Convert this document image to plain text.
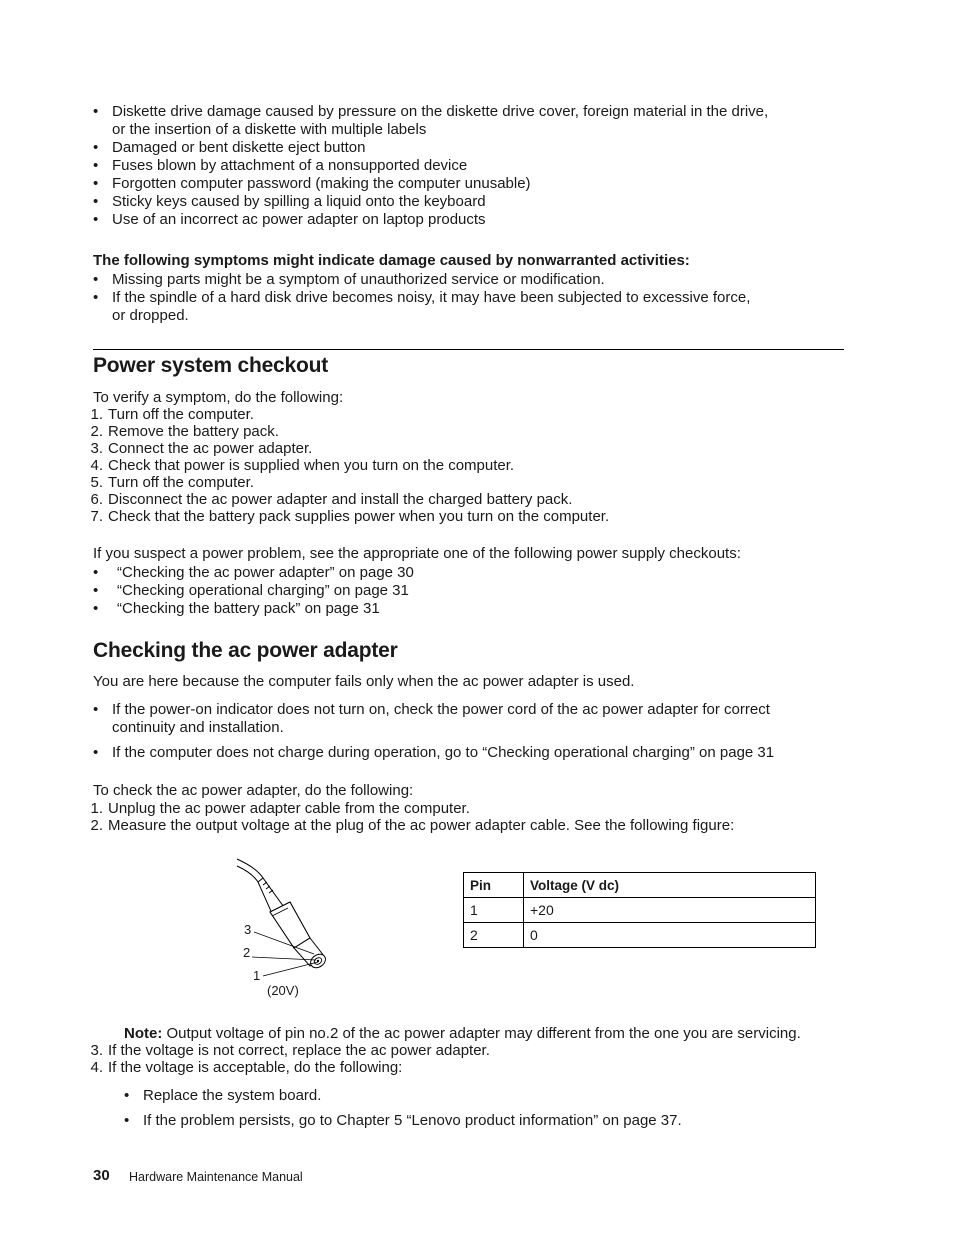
• Diskette drive damage caused by pressure on the diskette drive cover, foreign material in the drive,
or the insertion of a diskette with multiple labels
• Damaged or bent diskette eject button
• Fuses blown by attachment of a nonsupported device
• Forgotten computer password (making the computer unusable)
• Sticky keys caused by spilling a liquid onto the keyboard
• Use of an incorrect ac power adapter on laptop products
The following symptoms might indicate damage caused by nonwarranted activities:
• Missing parts might be a symptom of unauthorized service or modification.
• If the spindle of a hard disk drive becomes noisy, it may have been subjected to excessive force,
or dropped.
Power system checkout
To verify a symptom, do the following:
1. Turn off the computer.
2. Remove the battery pack.
3. Connect the ac power adapter.
4. Check that power is supplied when you turn on the computer.
5. Turn off the computer.
6. Disconnect the ac power adapter and install the charged battery pack.
7. Check that the battery pack supplies power when you turn on the computer.
If you suspect a power problem, see the appropriate one of the following power supply checkouts:
• “Checking the ac power adapter” on page 30
• “Checking operational charging” on page 31
• “Checking the battery pack” on page 31
Checking the ac power adapter
You are here because the computer fails only when the ac power adapter is used.
• If the power-on indicator does not turn on, check the power cord of the ac power adapter for correct
continuity and installation.
• If the computer does not charge during operation, go to “Checking operational charging” on page 31
To check the ac power adapter, do the following:
1. Unplug the ac power adapter cable from the computer.
2. Measure the output voltage at the plug of the ac power adapter cable. See the following figure:
3
2
1
(20V)
Pin	Voltage (V dc)
1	+20
2	0
Note: Output voltage of pin no.2 of the ac power adapter may different from the one you are servicing.
3. If the voltage is not correct, replace the ac power adapter.
4. If the voltage is acceptable, do the following:
• Replace the system board.
• If the problem persists, go to Chapter 5 “Lenovo product information” on page 37.
30 Hardware Maintenance Manual
